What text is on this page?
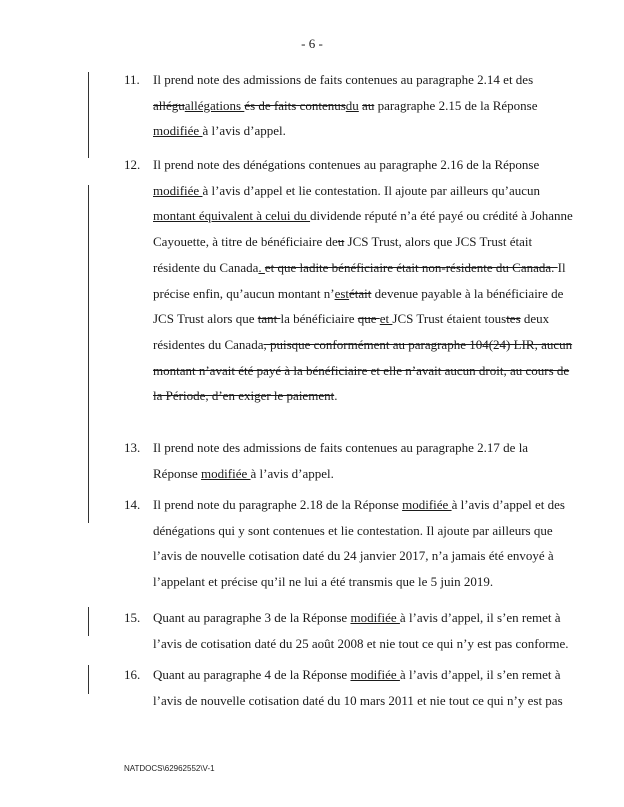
- 6 -
11. Il prend note des admissions de faits contenues au paragraphe 2.14 et des
alléguallégations és de faits contenusdu au paragraphe 2.15 de la Réponse
modifiée à l’avis d’appel.
12. Il prend note des dénégations contenues au paragraphe 2.16 de la Réponse
modifiée à l’avis d’appel et lie contestation. Il ajoute par ailleurs qu’aucun
montant équivalent à celui du dividende réputé n’a été payé ou crédité à Johanne
Cayouette, à titre de bénéficiaire deu JCS Trust, alors que JCS Trust était
résidente du Canada. et que ladite bénéficiaire était non-résidente du Canada. Il
précise enfin, qu’aucun montant n’estétait devenue payable à la bénéficiaire de
JCS Trust alors que tant la bénéficiaire que et JCS Trust étaient toustes deux
résidentes du Canada, puisque conformément au paragraphe 104(24) LIR, aucun
montant n’avait été payé à la bénéficiaire et elle n’avait aucun droit, au cours de
la Période, d’en exiger le paiement.
13. Il prend note des admissions de faits contenues au paragraphe 2.17 de la
Réponse modifiée à l’avis d’appel.
14. Il prend note du paragraphe 2.18 de la Réponse modifiée à l’avis d’appel et des
dénégations qui y sont contenues et lie contestation. Il ajoute par ailleurs que
l’avis de nouvelle cotisation daté du 24 janvier 2017, n’a jamais été envoyé à
l’appelant et précise qu’il ne lui a été transmis que le 5 juin 2019.
15. Quant au paragraphe 3 de la Réponse modifiée à l’avis d’appel, il s’en remet à
l’avis de cotisation daté du 25 août 2008 et nie tout ce qui n’y est pas conforme.
16. Quant au paragraphe 4 de la Réponse modifiée à l’avis d’appel, il s’en remet à
l’avis de nouvelle cotisation daté du 10 mars 2011 et nie tout ce qui n’y est pas
NATDOCS\62962552\V-1
